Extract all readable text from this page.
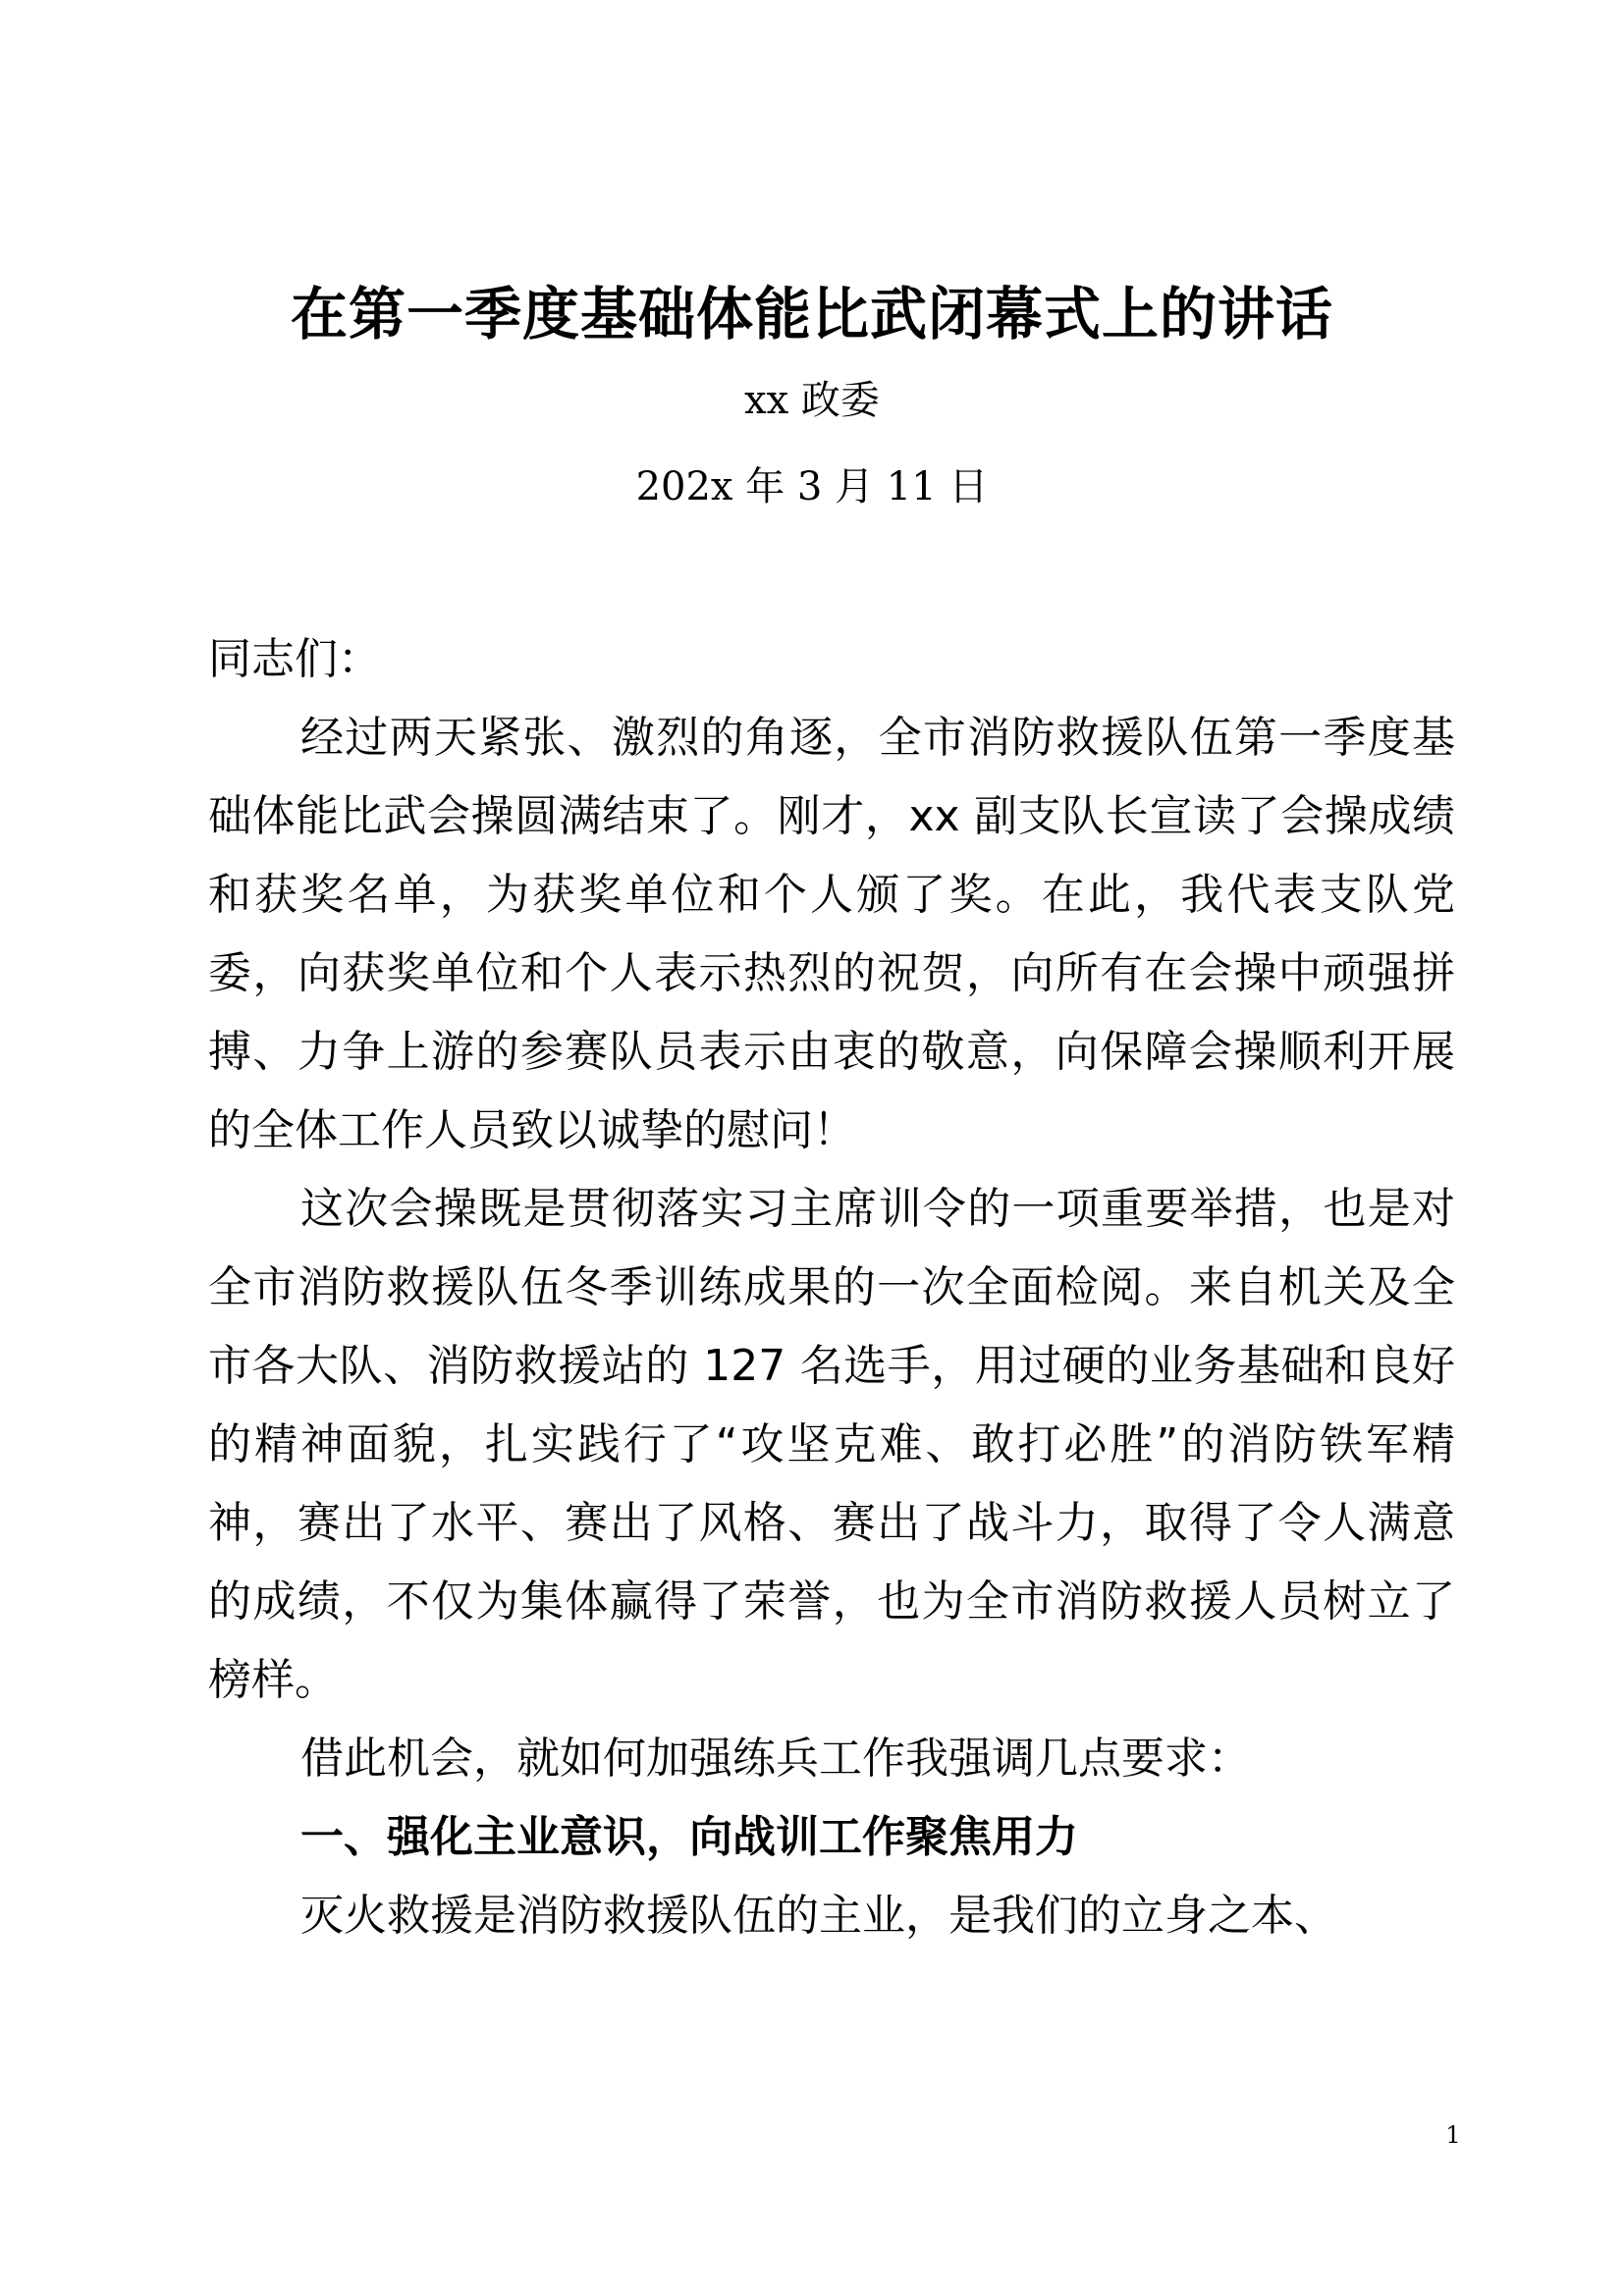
在第一季度基础体能比武闭幕式上的讲话
xx 政委
202x 年 3 月 11 日

同志们：

经过两天紧张、激烈的角逐，全市消防救援队伍第一季度基础体能比武会操圆满结束了。刚才，xx 副支队长宣读了会操成绩和获奖名单，为获奖单位和个人颁了奖。在此，我代表支队党委，向获奖单位和个人表示热烈的祝贺，向所有在会操中顽强拼搏、力争上游的参赛队员表示由衷的敬意，向保障会操顺利开展的全体工作人员致以诚挚的慰问！

这次会操既是贯彻落实习主席训令的一项重要举措，也是对全市消防救援队伍冬季训练成果的一次全面检阅。来自机关及全市各大队、消防救援站的 127 名选手，用过硬的业务基础和良好的精神面貌，扎实践行了“攻坚克难、敢打必胜”的消防铁军精神，赛出了水平、赛出了风格、赛出了战斗力，取得了令人满意的成绩，不仅为集体赢得了荣誉，也为全市消防救援人员树立了榜样。

借此机会，就如何加强练兵工作我强调几点要求：

一、强化主业意识，向战训工作聚焦用力

灭火救援是消防救援队伍的主业，是我们的立身之本、

1
